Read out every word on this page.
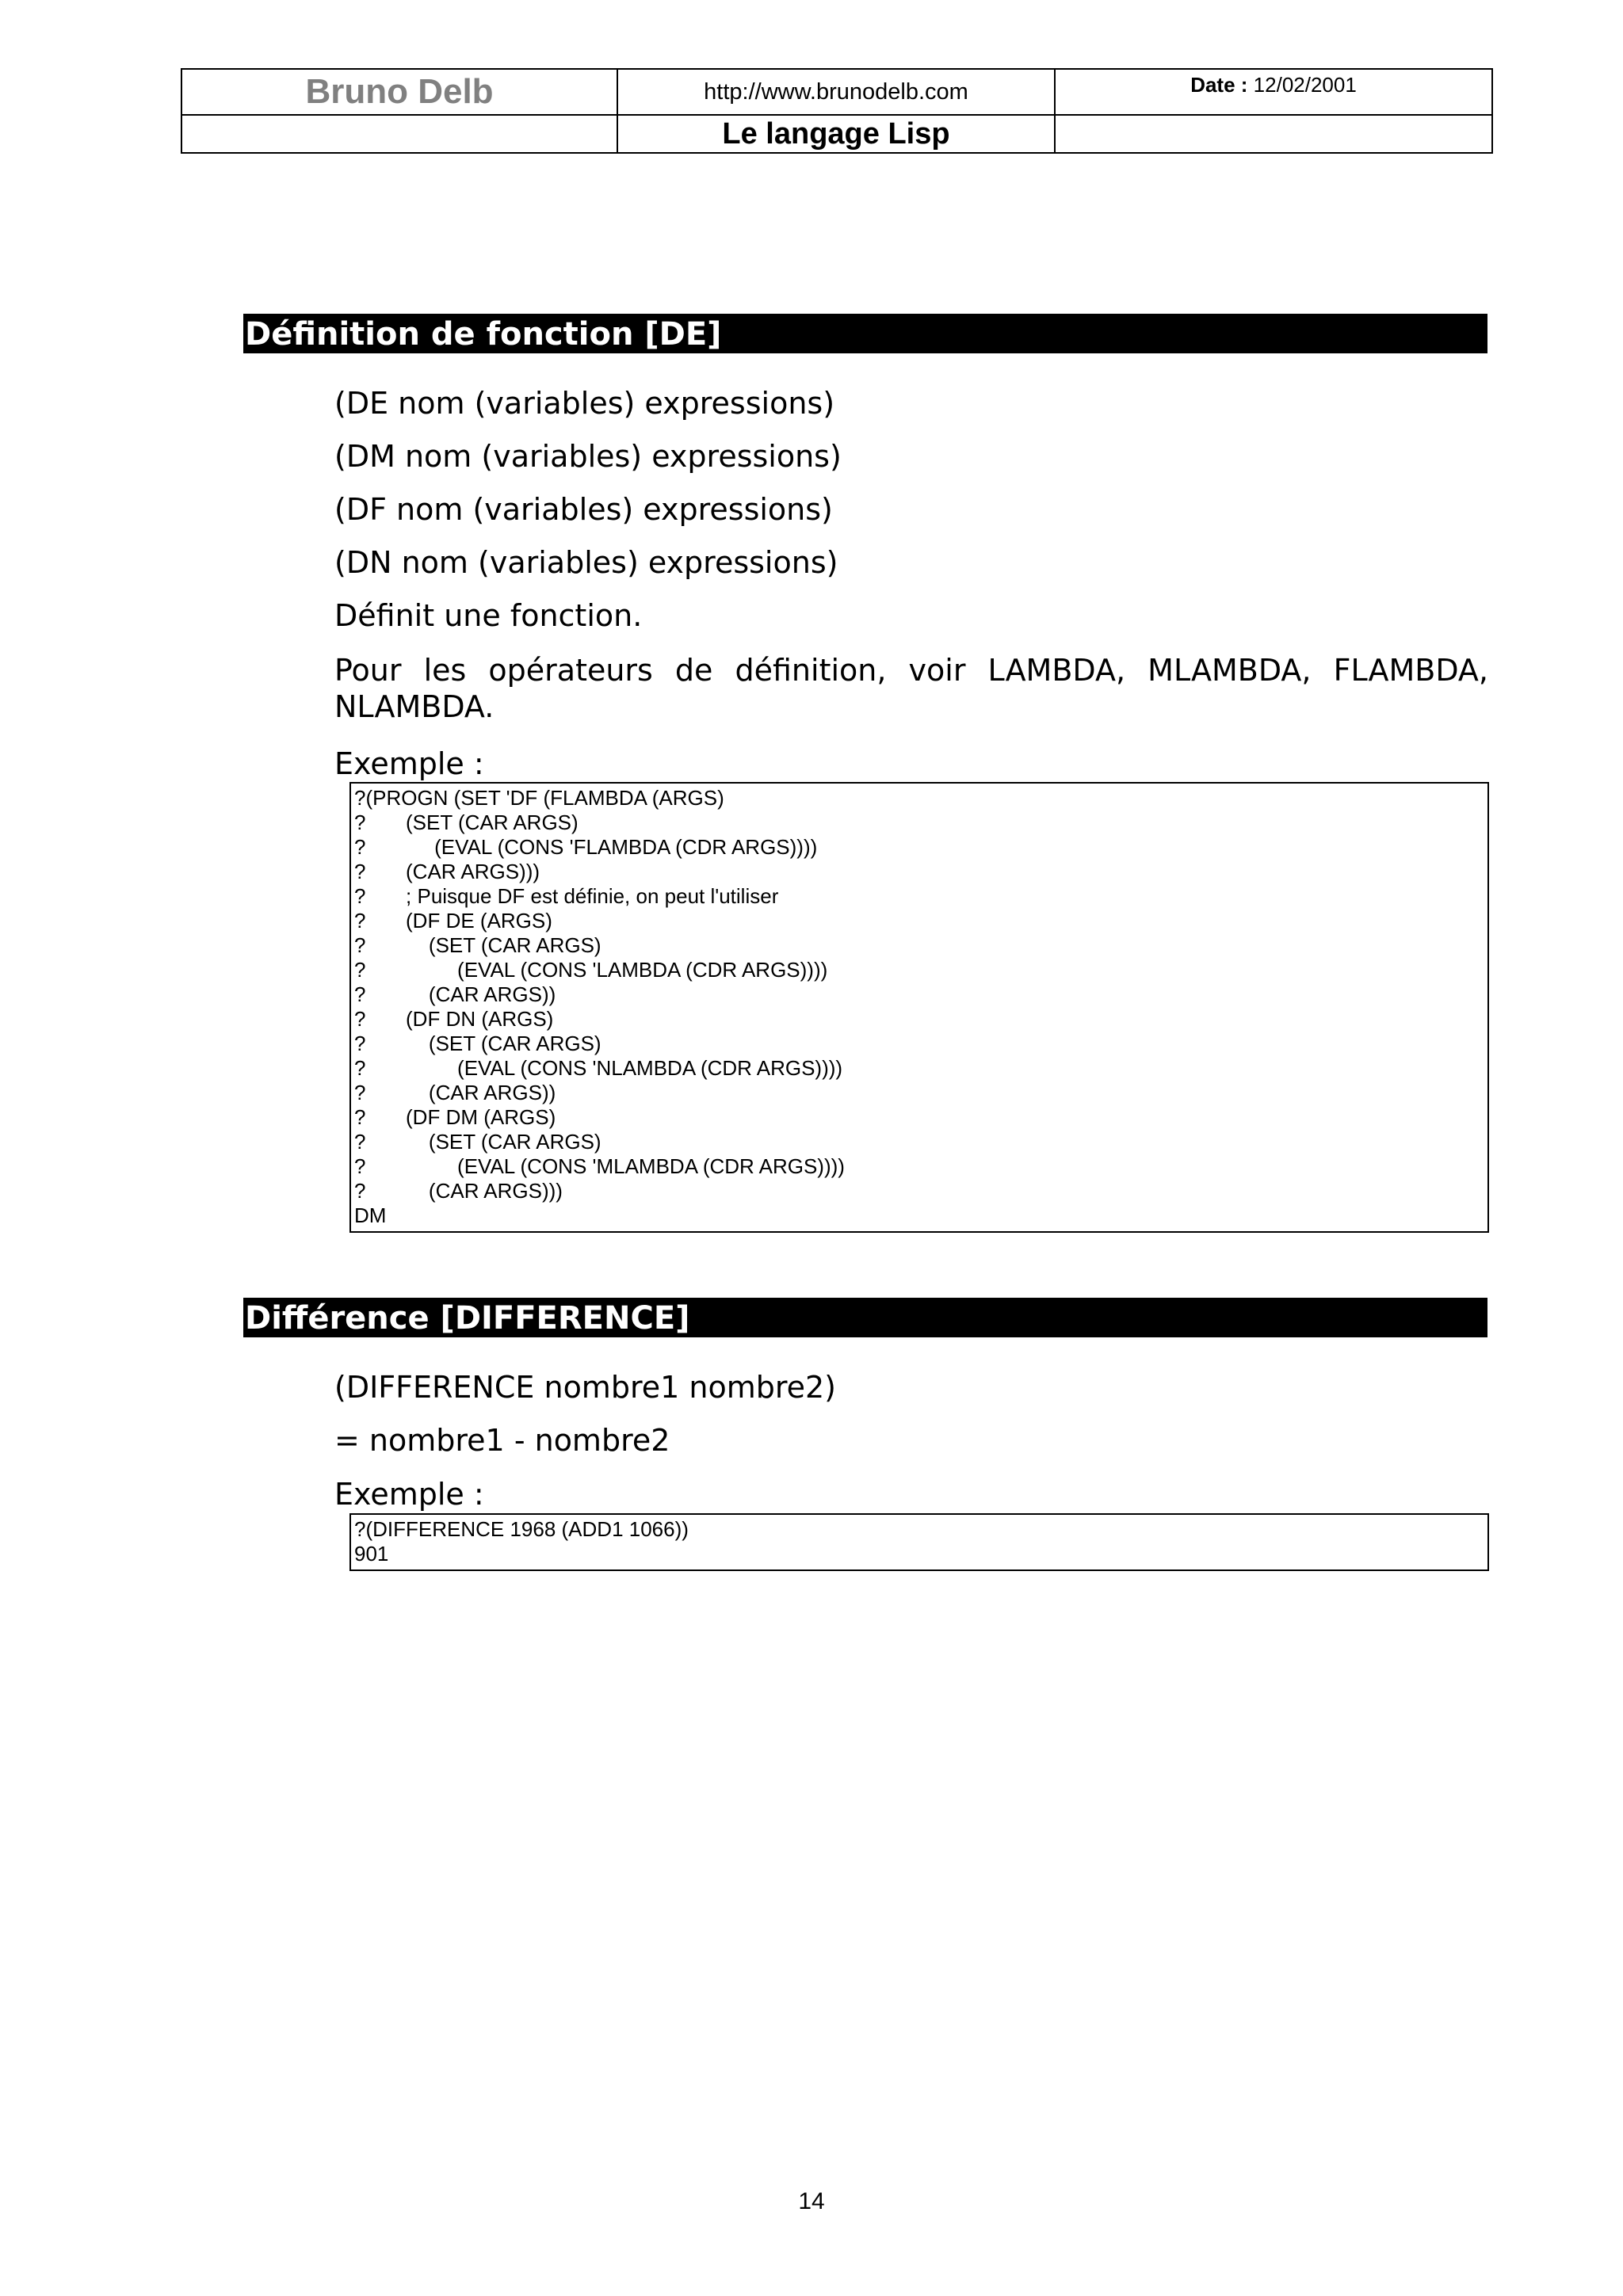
Bruno Delb	http://www.brunodelb.com	Date : 12/02/2001
	Le langage Lisp	
Définition de fonction [DE]

(DE nom (variables) expressions)

(DM nom (variables) expressions)

(DF nom (variables) expressions)

(DN nom (variables) expressions)

Définit une fonction.

Pour les opérateurs de définition, voir LAMBDA, MLAMBDA, FLAMBDA, NLAMBDA.

Exemple :

?(PROGN (SET 'DF (FLAMBDA (ARGS)
?       (SET (CAR ARGS)
?            (EVAL (CONS 'FLAMBDA (CDR ARGS))))
?       (CAR ARGS)))
?       ; Puisque DF est définie, on peut l'utiliser
?       (DF DE (ARGS)
?           (SET (CAR ARGS)
?                (EVAL (CONS 'LAMBDA (CDR ARGS))))
?           (CAR ARGS))
?       (DF DN (ARGS)
?           (SET (CAR ARGS)
?                (EVAL (CONS 'NLAMBDA (CDR ARGS))))
?           (CAR ARGS))
?       (DF DM (ARGS)
?           (SET (CAR ARGS)
?                (EVAL (CONS 'MLAMBDA (CDR ARGS))))
?           (CAR ARGS)))
DM
Différence [DIFFERENCE]

(DIFFERENCE nombre1 nombre2)

= nombre1 - nombre2

Exemple :

?(DIFFERENCE 1968 (ADD1 1066))
901
14
